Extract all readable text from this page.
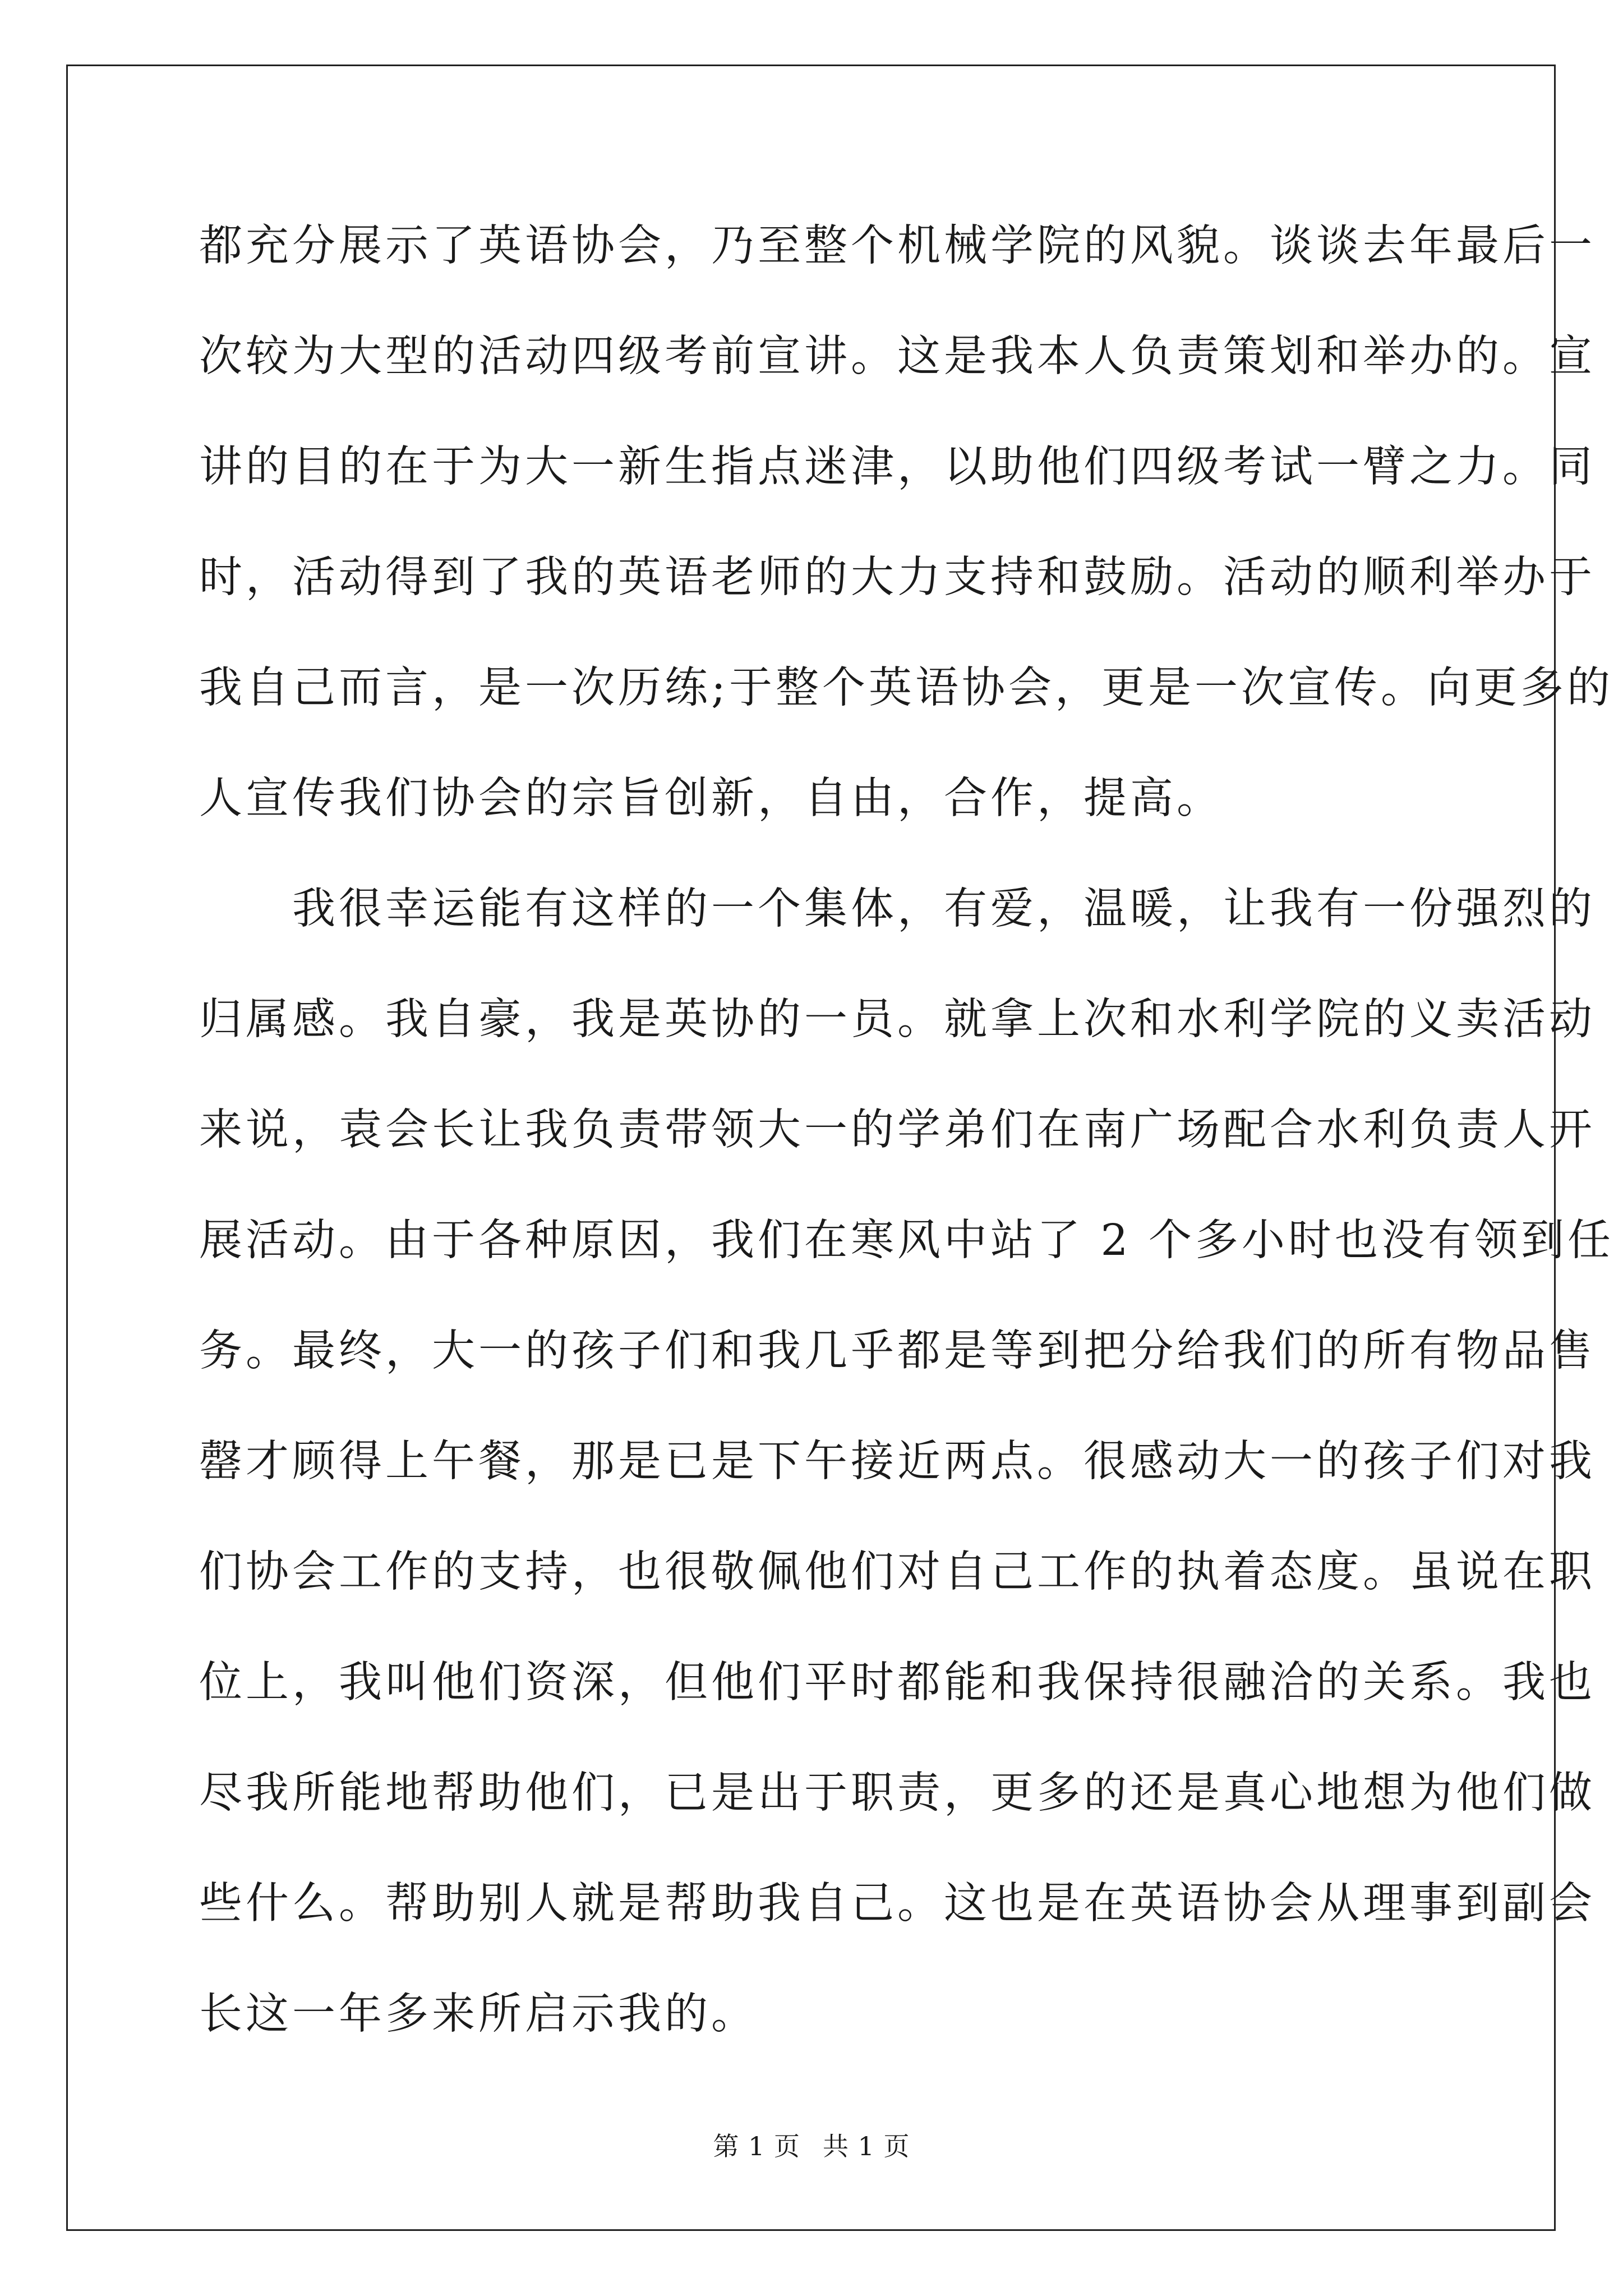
都充分展示了英语协会，乃至整个机械学院的风貌。谈谈去年最后一
次较为大型的活动四级考前宣讲。这是我本人负责策划和举办的。宣
讲的目的在于为大一新生指点迷津，以助他们四级考试一臂之力。同
时，活动得到了我的英语老师的大力支持和鼓励。活动的顺利举办于
我自己而言，是一次历练;于整个英语协会，更是一次宣传。向更多的
人宣传我们协会的宗旨创新，自由，合作，提高。
　　我很幸运能有这样的一个集体，有爱，温暖，让我有一份强烈的
归属感。我自豪，我是英协的一员。就拿上次和水利学院的义卖活动
来说，袁会长让我负责带领大一的学弟们在南广场配合水利负责人开
展活动。由于各种原因，我们在寒风中站了 2 个多小时也没有领到任
务。最终，大一的孩子们和我几乎都是等到把分给我们的所有物品售
罄才顾得上午餐，那是已是下午接近两点。很感动大一的孩子们对我
们协会工作的支持，也很敬佩他们对自己工作的执着态度。虽说在职
位上，我叫他们资深，但他们平时都能和我保持很融洽的关系。我也
尽我所能地帮助他们，已是出于职责，更多的还是真心地想为他们做
些什么。帮助别人就是帮助我自己。这也是在英语协会从理事到副会
长这一年多来所启示我的。
第 1 页 共 1 页
